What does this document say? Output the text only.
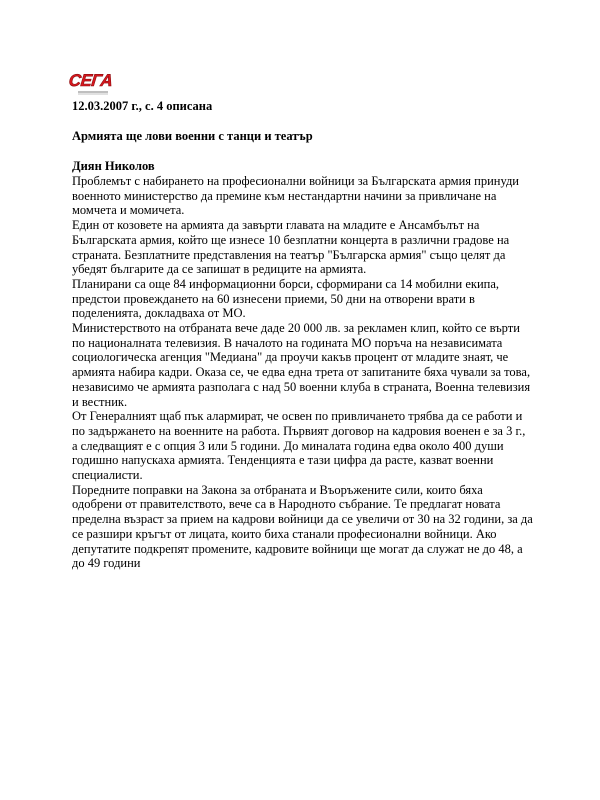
СЕГА

12.03.2007 г., с. 4 описана

Армията ще лови военни с танци и театър
Диян Николов

Проблемът с набирането на професионални войници за Българската армия принуди военното министерство да премине към нестандартни начини за привличане на момчета и момичета.

Един от козовете на армията да завърти главата на младите е Ансамбълът на Българската армия, който ще изнесе 10 безплатни концерта в различни градове на страната. Безплатните представления на театър "Българска армия" също целят да убедят българите да се запишат в редиците на армията.

Планирани са още 84 информационни борси, сформирани са 14 мобилни екипа, предстои провеждането на 60 изнесени приеми, 50 дни на отворени врати в поделенията, докладваха от МО.

Министерството на отбраната вече даде 20 000 лв. за рекламен клип, който се върти по националната телевизия. В началото на годината МО поръча на независимата социологическа агенция "Медиана" да проучи какъв процент от младите знаят, че армията набира кадри. Оказа се, че едва една трета от запитаните бяха чували за това, независимо че армията разполага с над 50 военни клуба в страната, Военна телевизия и вестник.

От Генералният щаб пък алармират, че освен по привличането трябва да се работи и по задържането на военните на работа. Първият договор на кадровия военен е за 3 г., а следващият е с опция 3 или 5 години. До миналата година едва около 400 души годишно напускаха армията. Тенденцията е тази цифра да расте, казват военни специалисти.

Поредните поправки на Закона за отбраната и Въоръжените сили, които бяха одобрени от правителството, вече са в Народното събрание. Те предлагат новата пределна възраст за прием на кадрови войници да се увеличи от 30 на 32 години, за да се разшири кръгът от лицата, които биха станали професионални войници. Ако депутатите подкрепят промените, кадровите войници ще могат да служат не до 48, а до 49 години
